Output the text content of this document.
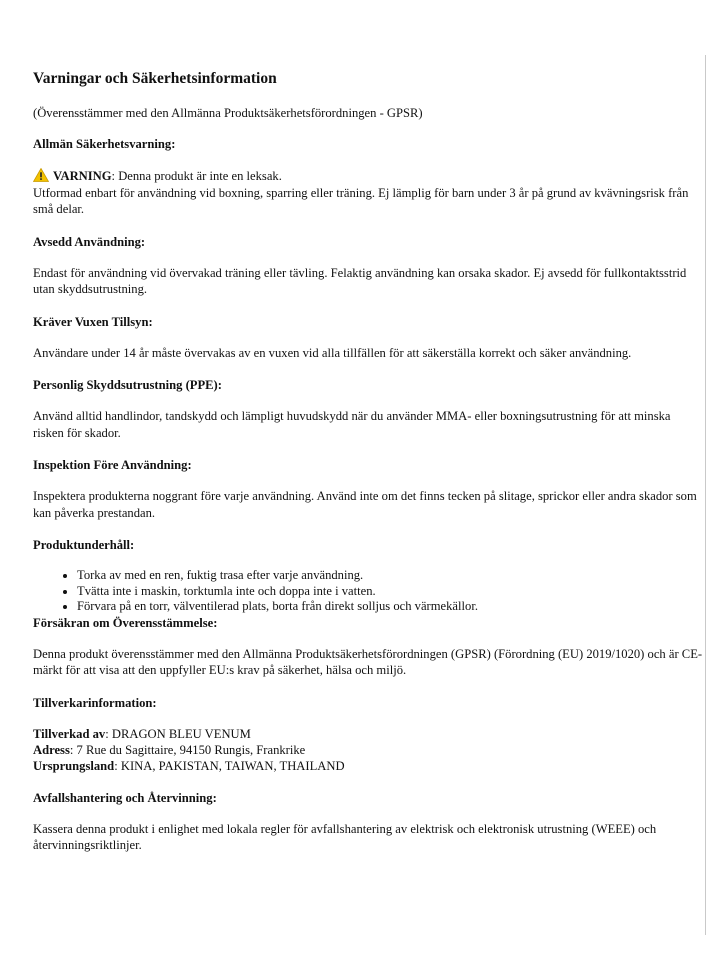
Varningar och Säkerhetsinformation
(Överensstämmer med den Allmänna Produktsäkerhetsförordningen - GPSR)
Allmän Säkerhetsvarning:

VARNING: Denna produkt är inte en leksak.
Utformad enbart för användning vid boxning, sparring eller träning. Ej lämplig för barn under 3 år på grund av kvävningsrisk från små delar.

Avsedd Användning:

Endast för användning vid övervakad träning eller tävling. Felaktig användning kan orsaka skador. Ej avsedd för fullkontaktsstrid utan skyddsutrustning.

Kräver Vuxen Tillsyn:

Användare under 14 år måste övervakas av en vuxen vid alla tillfällen för att säkerställa korrekt och säker användning.

Personlig Skyddsutrustning (PPE):

Använd alltid handlindor, tandskydd och lämpligt huvudskydd när du använder MMA- eller boxningsutrustning för att minska risken för skador.

Inspektion Före Användning:

Inspektera produkterna noggrant före varje användning. Använd inte om det finns tecken på slitage, sprickor eller andra skador som kan påverka prestandan.

Produktunderhåll:
• Torka av med en ren, fuktig trasa efter varje användning.
• Tvätta inte i maskin, torktumla inte och doppa inte i vatten.
• Förvara på en torr, välventilerad plats, borta från direkt solljus och värmekällor.
Försäkran om Överensstämmelse:

Denna produkt överensstämmer med den Allmänna Produktsäkerhetsförordningen (GPSR) (Förordning (EU) 2019/1020) och är CE-märkt för att visa att den uppfyller EU:s krav på säkerhet, hälsa och miljö.

Tillverkarinformation:
Tillverkad av: DRAGON BLEU VENUM
Adress: 7 Rue du Sagittaire, 94150 Rungis, Frankrike
Ursprungsland: KINA, PAKISTAN, TAIWAN, THAILAND
Avfallshantering och Återvinning:

Kassera denna produkt i enlighet med lokala regler för avfallshantering av elektrisk och elektronisk utrustning (WEEE) och återvinningsriktlinjer.
